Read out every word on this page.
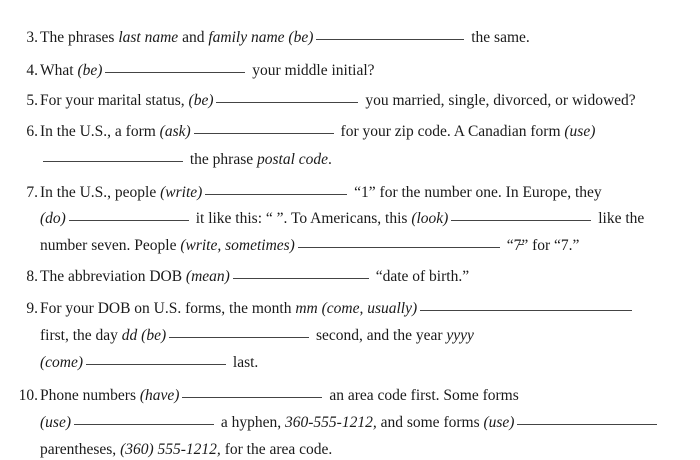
3. The phrases last name and family name (be)	the same.
4. What (be)	your middle initial?
5. For your marital status, (be)	you married, single, divorced, or widowed?
6. In the U.S., a form (ask)	for your zip code. A Canadian form (use)
the phrase postal code.
7. In the U.S., people (write)	“1” for the number one. In Europe, they
(do)	it like this: “ ”. To Americans, this (look)	like the
number seven. People (write, sometimes)	“7̵” for “7.”
8. The abbreviation DOB (mean)	“date of birth.”
9. For your DOB on U.S. forms, the month mm (come, usually)
first, the day dd (be)	second, and the year yyyy
(come)	last.
10. Phone numbers (have)	an area code first. Some forms
(use)	a hyphen, 360-555-1212, and some forms (use)
parentheses, (360) 555-1212, for the area code.
